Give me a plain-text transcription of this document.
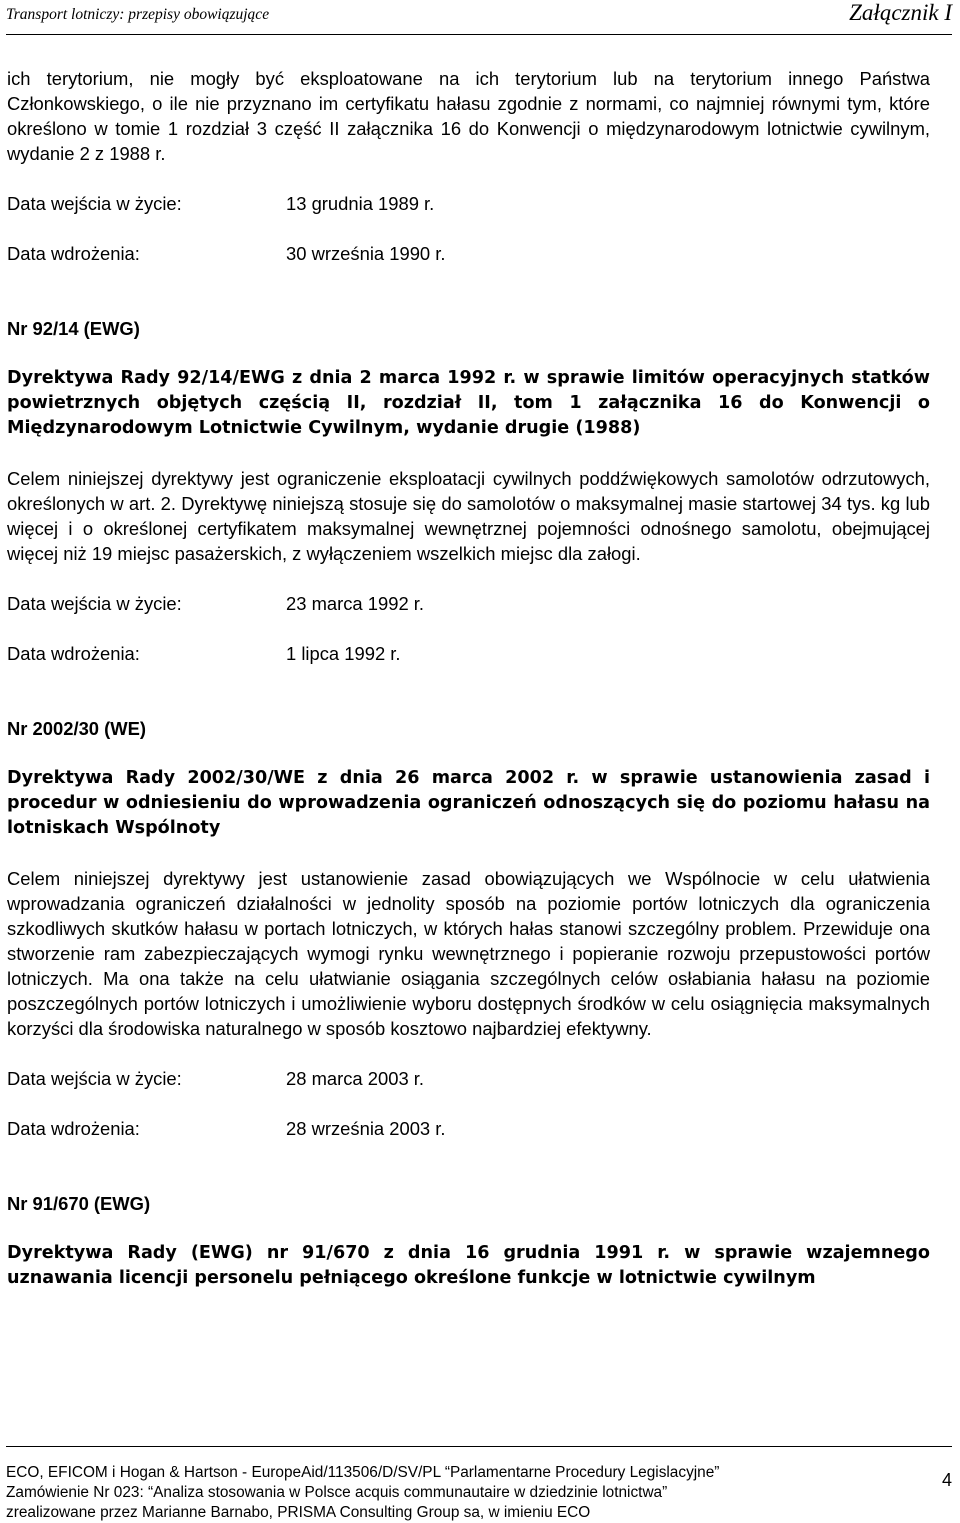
Transport lotniczy: przepisy obowiązujące	Załącznik I

ich terytorium, nie mogły być eksploatowane na ich terytorium lub na terytorium innego Państwa Członkowskiego, o ile nie przyznano im certyfikatu hałasu zgodnie z normami, co najmniej równymi tym, które określono w tomie 1 rozdział 3 część II załącznika 16 do Konwencji o międzynarodowym lotnictwie cywilnym, wydanie 2 z 1988 r.

Data wejścia w życie:	13 grudnia 1989 r.
Data wdrożenia:	30 września 1990 r.

Nr 92/14 (EWG)

Dyrektywa Rady 92/14/EWG z dnia 2 marca 1992 r. w sprawie limitów operacyjnych statków powietrznych objętych częścią II, rozdział II, tom 1 załącznika 16 do Konwencji o Międzynarodowym Lotnictwie Cywilnym, wydanie drugie (1988)

Celem niniejszej dyrektywy jest ograniczenie eksploatacji cywilnych poddźwiękowych samolotów odrzutowych, określonych w art. 2. Dyrektywę niniejszą stosuje się do samolotów o maksymalnej masie startowej 34 tys. kg lub więcej i o określonej certyfikatem maksymalnej wewnętrznej pojemności odnośnego samolotu, obejmującej więcej niż 19 miejsc pasażerskich, z wyłączeniem wszelkich miejsc dla załogi.

Data wejścia w życie:	23 marca 1992 r.
Data wdrożenia:	1 lipca 1992 r.

Nr 2002/30 (WE)

Dyrektywa Rady 2002/30/WE z dnia 26 marca 2002 r. w sprawie ustanowienia zasad i procedur w odniesieniu do wprowadzenia ograniczeń odnoszących się do poziomu hałasu na lotniskach Wspólnoty

Celem niniejszej dyrektywy jest ustanowienie zasad obowiązujących we Wspólnocie w celu ułatwienia wprowadzania ograniczeń działalności w jednolity sposób na poziomie portów lotniczych dla ograniczenia szkodliwych skutków hałasu w portach lotniczych, w których hałas stanowi szczególny problem. Przewiduje ona stworzenie ram zabezpieczających wymogi rynku wewnętrznego i popieranie rozwoju przepustowości portów lotniczych. Ma ona także na celu ułatwianie osiągania szczególnych celów osłabiania hałasu na poziomie poszczególnych portów lotniczych i umożliwienie wyboru dostępnych środków w celu osiągnięcia maksymalnych korzyści dla środowiska naturalnego w sposób kosztowo najbardziej efektywny.

Data wejścia w życie:	28 marca 2003 r.
Data wdrożenia:	28 września 2003 r.

Nr 91/670 (EWG)

Dyrektywa Rady (EWG) nr 91/670 z dnia 16 grudnia 1991 r. w sprawie wzajemnego uznawania licencji personelu pełniącego określone funkcje w lotnictwie cywilnym

ECO, EFICOM i Hogan & Hartson - EuropeAid/113506/D/SV/PL “Parlamentarne Procedury Legislacyjne”
Zamówienie Nr 023: “Analiza stosowania w Polsce acquis communautaire w dziedzinie lotnictwa”
zrealizowane przez Marianne Barnabo, PRISMA Consulting Group sa, w imieniu ECO
4
